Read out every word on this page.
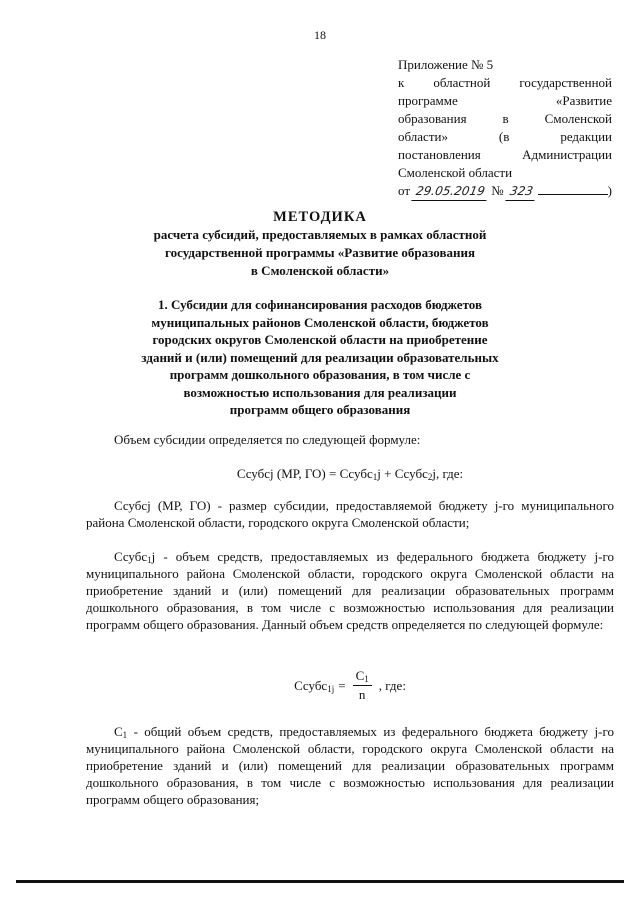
18
Приложение № 5
к областной государственной
программе «Развитие
образования в Смоленской
области» (в редакции
постановления Администрации
Смоленской области
от
29.05.2019
№
323	)
МЕТОДИКА
расчета субсидий, предоставляемых в рамках областной
государственной программы «Развитие образования
в Смоленской области»
1. Субсидии для софинансирования расходов бюджетов
муниципальных районов Смоленской области, бюджетов
городских округов Смоленской области на приобретение
зданий и (или) помещений для реализации образовательных
программ дошкольного образования, в том числе с
возможностью использования для реализации
программ общего образования
Объем субсидии определяется по следующей формуле:
Ссубсj (МР, ГО) = Ссубс$_1$j + Ссубс$_2$j, где:
Ссубсj (МР, ГО) - размер субсидии, предоставляемой бюджету j-го муниципального района Смоленской области, городского округа Смоленской области;
Ссубс$_1$j - объем средств, предоставляемых из федерального бюджета бюджету j-го муниципального района Смоленской области, городского округа Смоленской области на приобретение зданий и (или) помещений для реализации образовательных программ дошкольного образования, в том числе с возможностью использования для реализации программ общего образования. Данный объем средств определяется по следующей формуле:
Ссубс$_{1j}$ = $\frac{C_1}{n}$ , где:
$C_1$ - общий объем средств, предоставляемых из федерального бюджета бюджету j-го муниципального района Смоленской области, городского округа Смоленской области на приобретение зданий и (или) помещений для реализации образовательных программ дошкольного образования, в том числе с возможностью использования для реализации программ общего образования;
